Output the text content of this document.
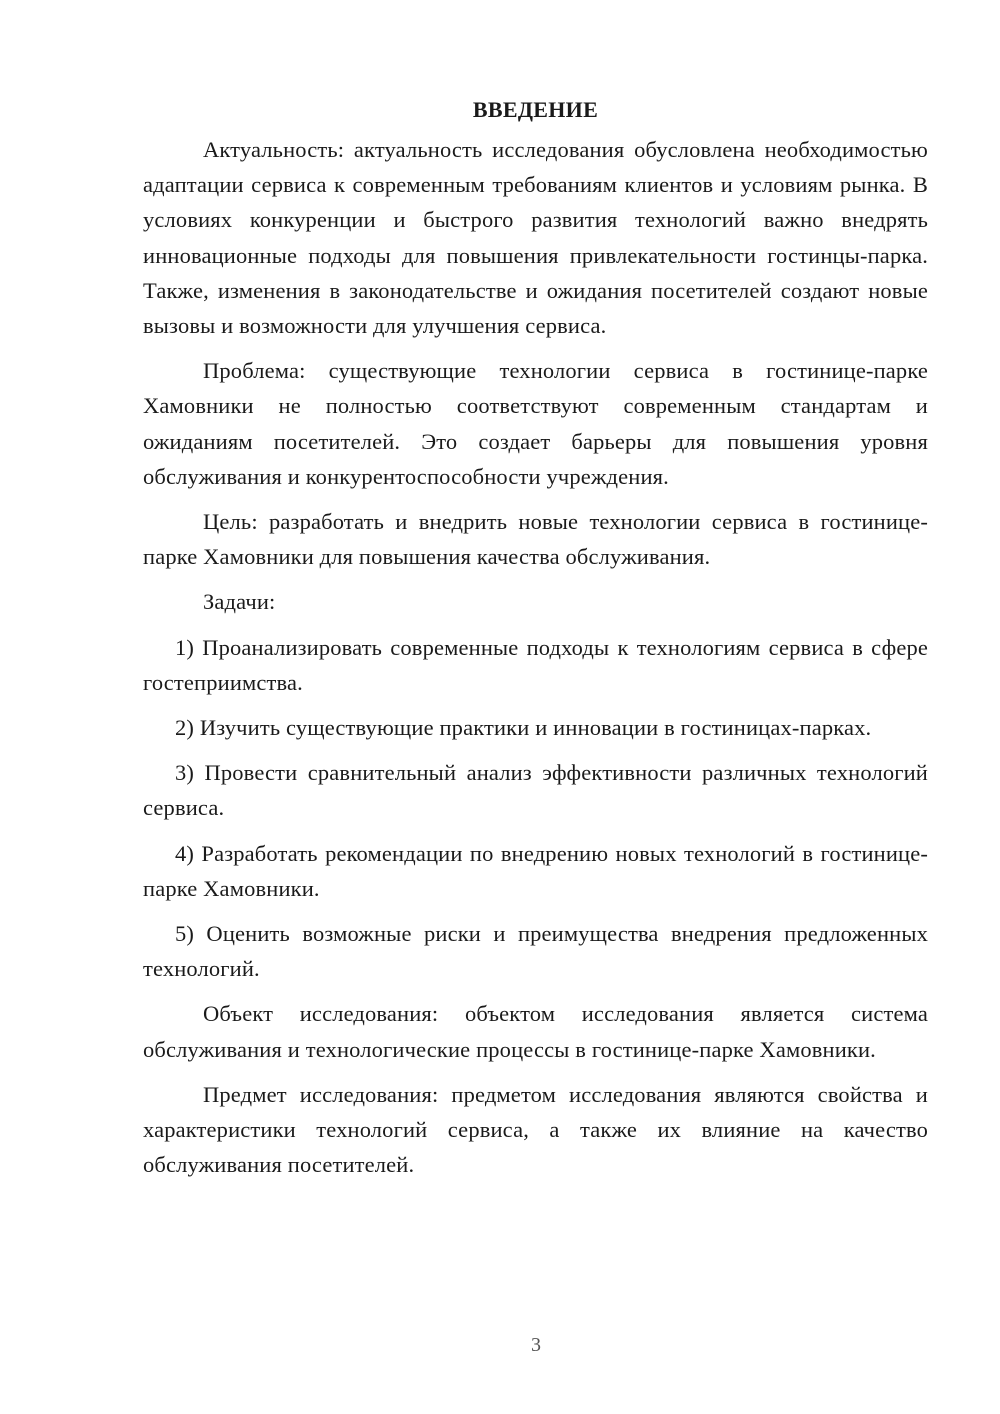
ВВЕДЕНИЕ

Актуальность: актуальность исследования обусловлена необходимостью адаптации сервиса к современным требованиям клиентов и условиям рынка. В условиях конкуренции и быстрого развития технологий важно внедрять инновационные подходы для повышения привлекательности гостинцы-парка. Также, изменения в законодательстве и ожидания посетителей создают новые вызовы и возможности для улучшения сервиса.

Проблема: существующие технологии сервиса в гостинице-парке Хамовники не полностью соответствуют современным стандартам и ожиданиям посетителей. Это создает барьеры для повышения уровня обслуживания и конкурентоспособности учреждения.

Цель: разработать и внедрить новые технологии сервиса в гостинице-парке Хамовники для повышения качества обслуживания.

Задачи:

1) Проанализировать современные подходы к технологиям сервиса в сфере гостеприимства.

2) Изучить существующие практики и инновации в гостиницах-парках.

3) Провести сравнительный анализ эффективности различных технологий сервиса.

4) Разработать рекомендации по внедрению новых технологий в гостинице-парке Хамовники.

5) Оценить возможные риски и преимущества внедрения предложенных технологий.

Объект исследования: объектом исследования является система обслуживания и технологические процессы в гостинице-парке Хамовники.

Предмет исследования: предметом исследования являются свойства и характеристики технологий сервиса, а также их влияние на качество обслуживания посетителей.

3
